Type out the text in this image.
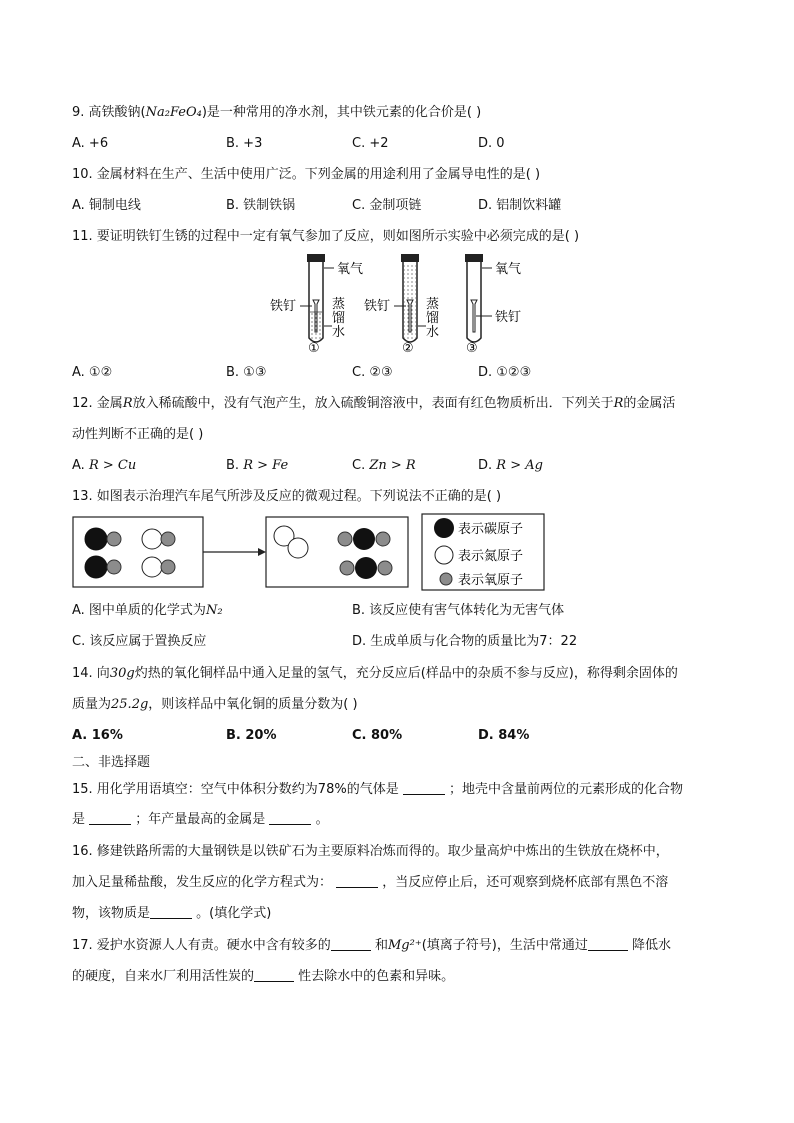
9. 高铁酸钠(Na₂FeO₄)是一种常用的净水剂，其中铁元素的化合价是( )
A. +6	B. +3	C. +2	D. 0
10. 金属材料在生产、生活中使用广泛。下列金属的用途利用了金属导电性的是( )
A. 铜制电线	B. 铁制铁锅	C. 金制项链	D. 铝制饮料罐
11. 要证明铁钉生锈的过程中一定有氧气参加了反应，则如图所示实验中必须完成的是( )
氧气
铁钉	蒸
馏
水
①
铁钉	蒸
馏
水
②
氧气
铁钉
③
A. ①②	B. ①③	C. ②③	D. ①②③
12. 金属R放入稀硫酸中，没有气泡产生，放入硫酸铜溶液中，表面有红色物质析出．下列关于R的金属活
动性判断不正确的是( )
A. R > Cu	B. R > Fe	C. Zn > R	D. R > Ag
13. 如图表示治理汽车尾气所涉及反应的微观过程。下列说法不正确的是( )
表示碳原子
表示氮原子
表示氧原子
A. 图中单质的化学式为N₂	B. 该反应使有害气体转化为无害气体
C. 该反应属于置换反应	D. 生成单质与化合物的质量比为7：22
14. 向30g灼热的氧化铜样品中通入足量的氢气，充分反应后(样品中的杂质不参与反应)，称得剩余固体的
质量为25.2g，则该样品中氧化铜的质量分数为( )
A. 16%	B. 20%	C. 80%	D. 84%
二、非选择题
15. 用化学用语填空：空气中体积分数约为78%的气体是	；地壳中含量前两位的元素形成的化合物
是	；年产量最高的金属是	。
16. 修建铁路所需的大量钢铁是以铁矿石为主要原料冶炼而得的。取少量高炉中炼出的生铁放在烧杯中，
加入足量稀盐酸，发生反应的化学方程式为：	，当反应停止后，还可观察到烧杯底部有黑色不溶
物，该物质是	。(填化学式)
17. 爱护水资源人人有责。硬水中含有较多的	和Mg²⁺(填离子符号)，生活中常通过	降低水
的硬度，自来水厂利用活性炭的	性去除水中的色素和异味。
